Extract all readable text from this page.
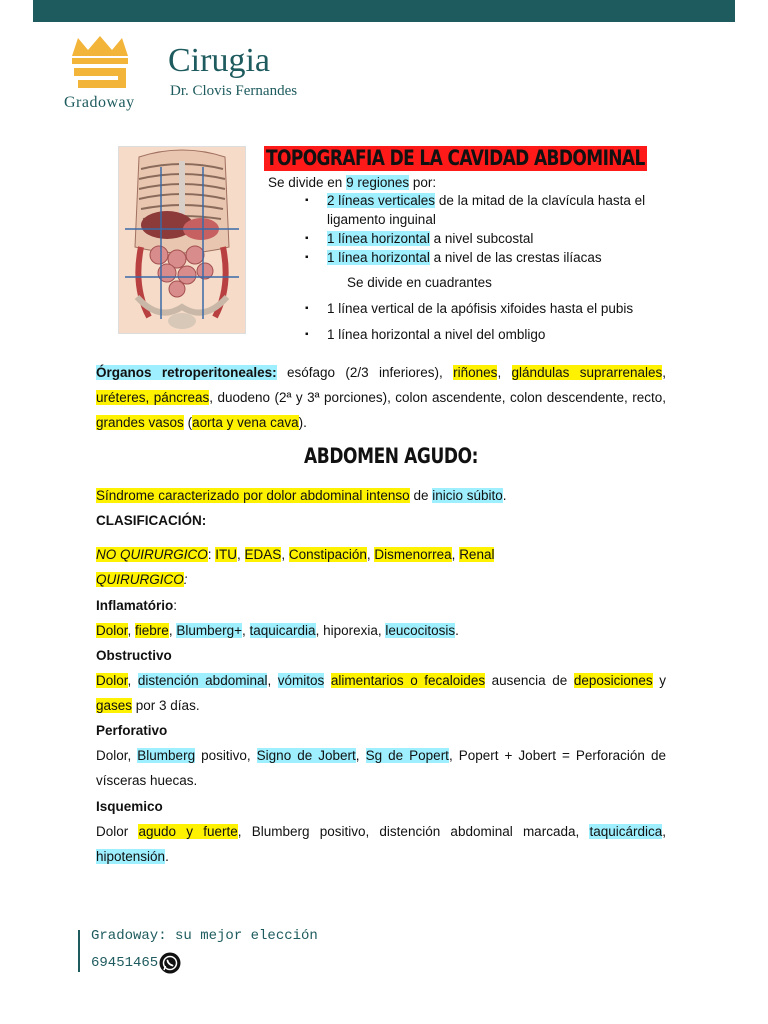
Gradoway
Cirugia
Dr. Clovis Fernandes
TOPOGRAFIA DE LA CAVIDAD ABDOMINAL
Se divide en 9 regiones por:
▪ 2 líneas verticales de la mitad de la clavícula hasta el
ligamento inguinal
▪ 1 línea horizontal a nivel subcostal
▪ 1 línea horizontal a nivel de las crestas ilíacas
Se divide en cuadrantes
▪ 1 línea vertical de la apófisis xifoides hasta el pubis
▪ 1 línea horizontal a nivel del ombligo
Órganos retroperitoneales: esófago (2/3 inferiores), riñones, glándulas suprarrenales, uréteres, páncreas, duodeno (2ª y 3ª porciones), colon ascendente, colon descendente, recto, grandes vasos (aorta y vena cava).
ABDOMEN AGUDO:
Síndrome caracterizado por dolor abdominal intenso de inicio súbito.
CLASIFICACIÓN:
NO QUIRURGICO: ITU, EDAS, Constipación, Dismenorrea, Renal
QUIRURGICO:
Inflamatório:
Dolor, fiebre, Blumberg+, taquicardia, hiporexia, leucocitosis.
Obstructivo
Dolor, distención abdominal, vómitos alimentarios o fecaloides ausencia de deposiciones y gases por 3 días.
Perforativo
Dolor, Blumberg positivo, Signo de Jobert, Sg de Popert, Popert + Jobert = Perforación de vísceras huecas.
Isquemico
Dolor agudo y fuerte, Blumberg positivo, distención abdominal marcada, taquicárdica, hipotensión.
Gradoway: su mejor elección
69451465
